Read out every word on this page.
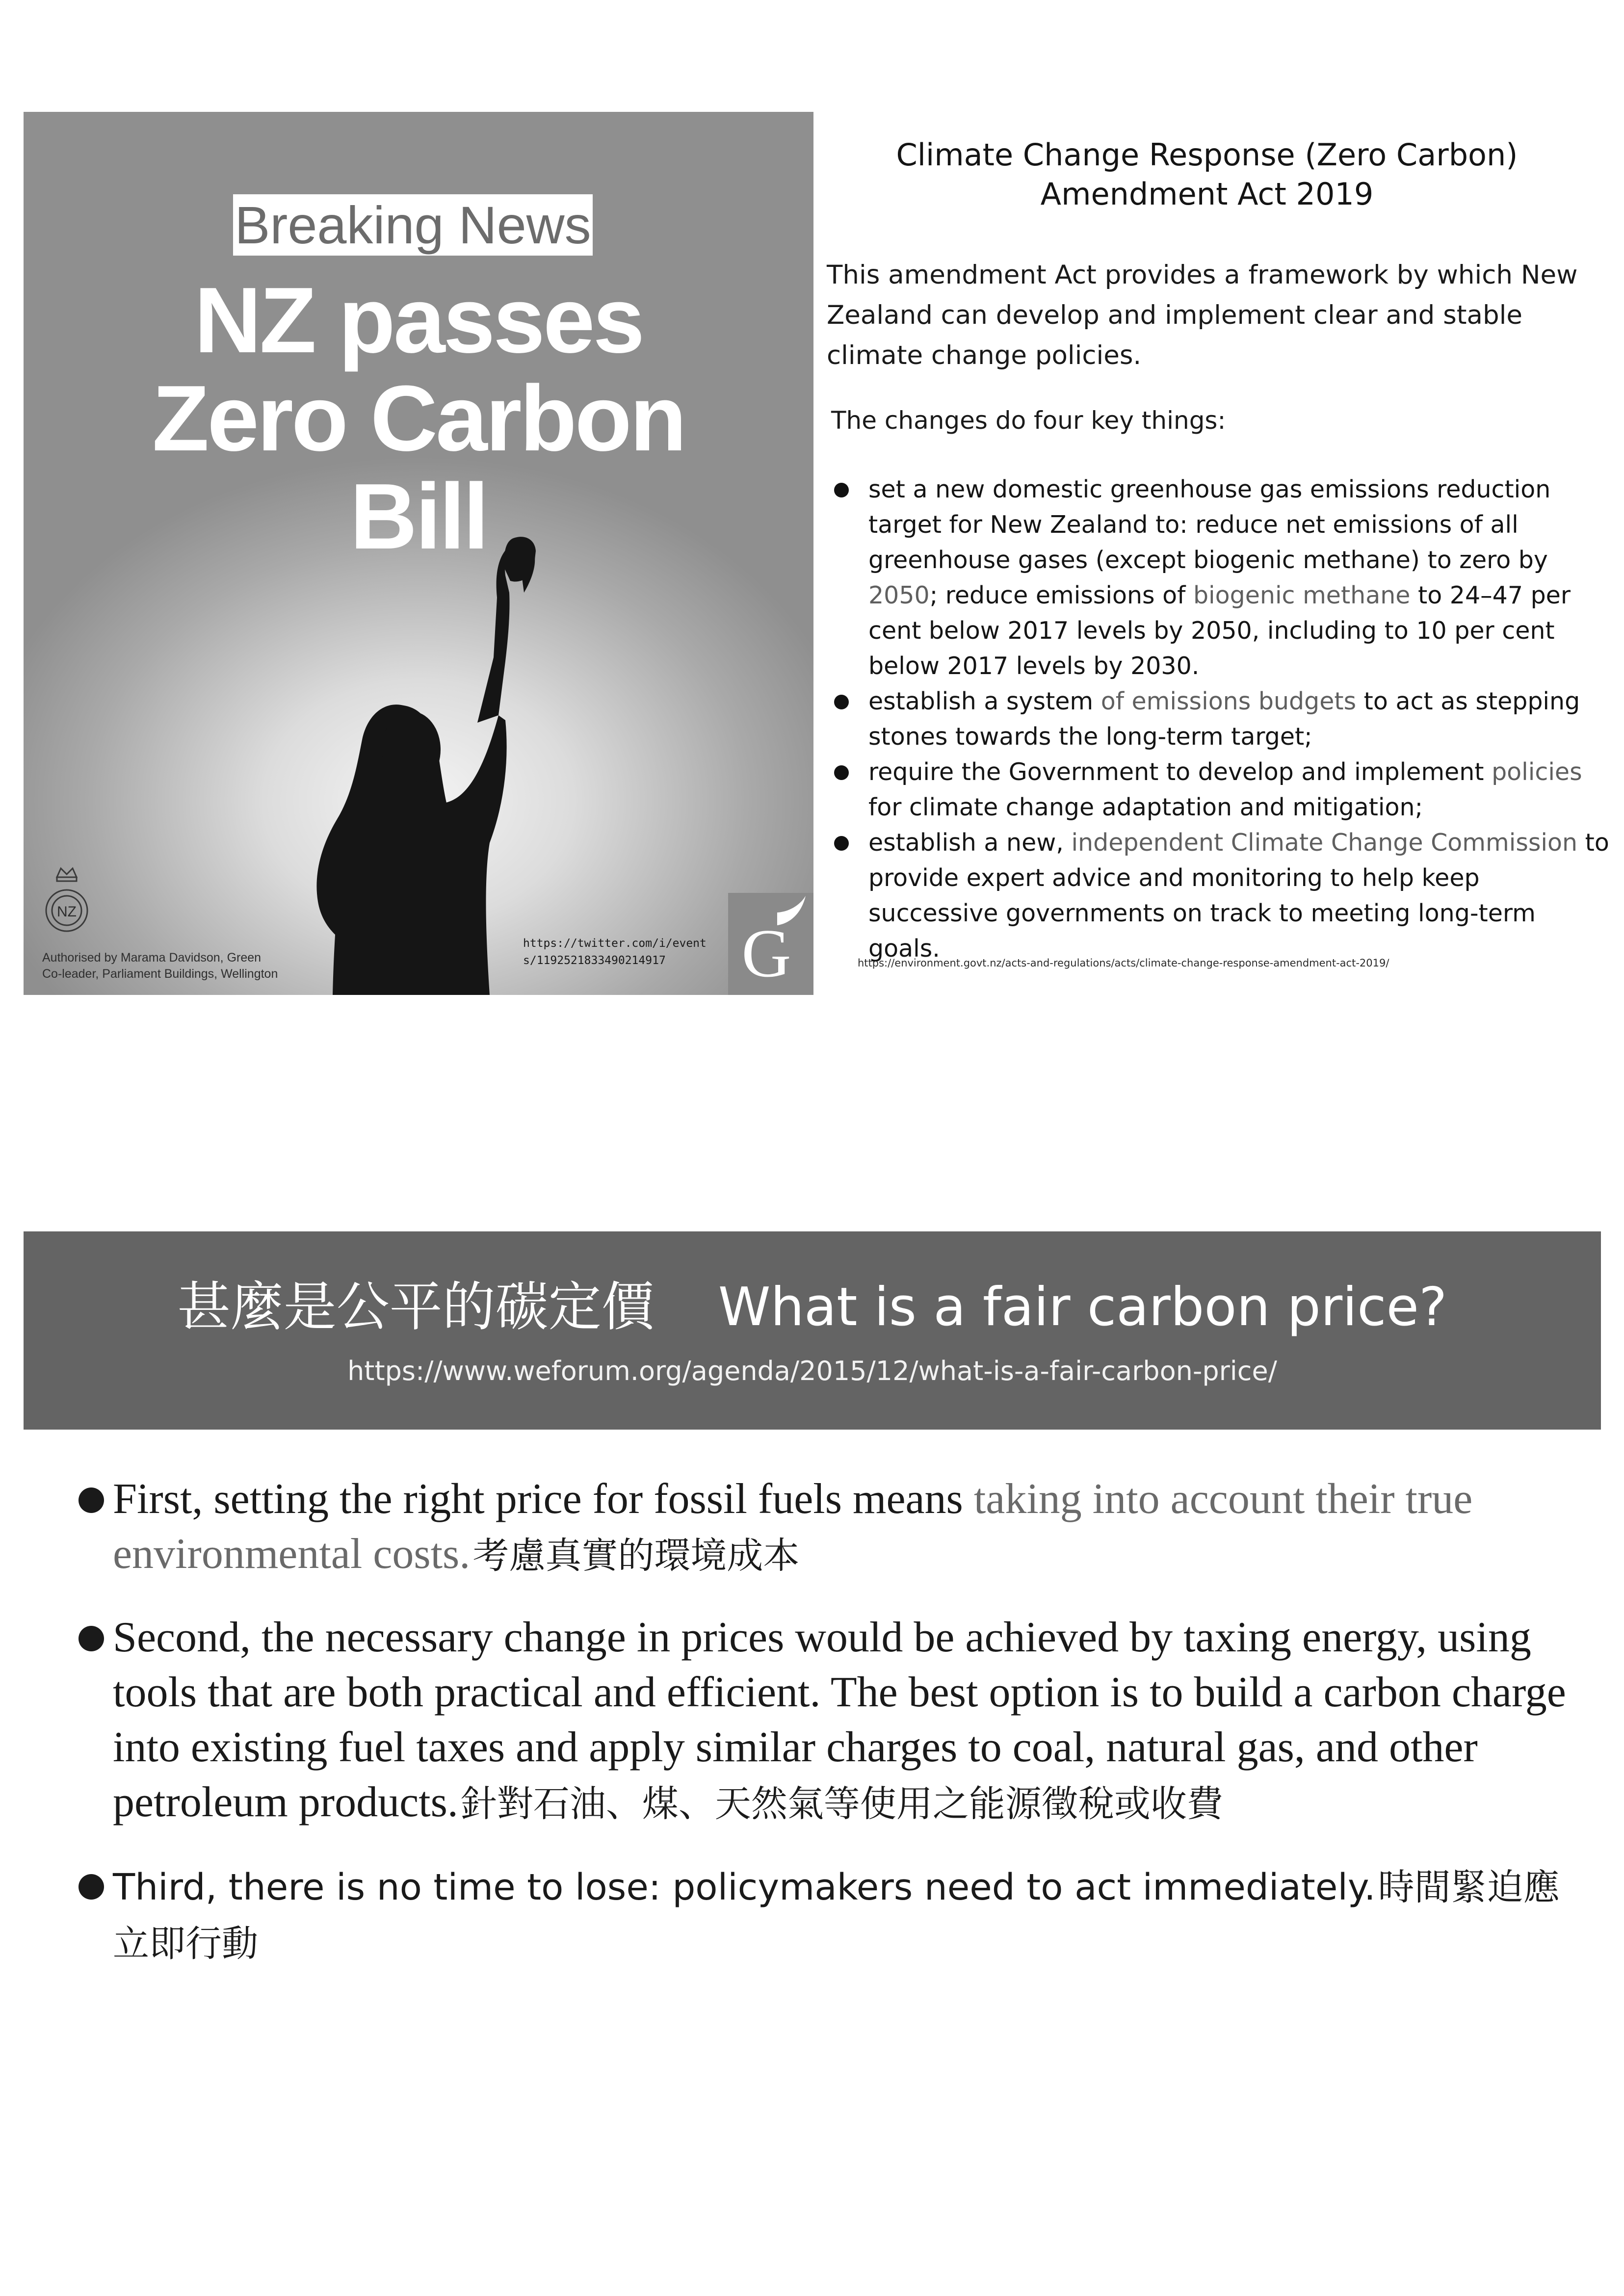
Breaking News
NZ passes
Zero Carbon
Bill
NZ
Authorised by Marama Davidson, Green
Co-leader, Parliament Buildings, Wellington
https://twitter.com/i/event
s/1192521833490214917	G
Climate Change Response (Zero Carbon)
Amendment Act 2019
This amendment Act provides a framework by which New Zealand can develop and implement clear and stable climate change policies.
The changes do four key things:
set a new domestic greenhouse gas emissions reduction target for New Zealand to: reduce net emissions of all greenhouse gases (except biogenic methane) to zero by 2050; reduce emissions of biogenic methane to 24–47 per cent below 2017 levels by 2050, including to 10 per cent below 2017 levels by 2030.
establish a system of emissions budgets to act as stepping stones towards the long-term target;
require the Government to develop and implement policies for climate change adaptation and mitigation;
establish a new, independent Climate Change Commission to provide expert advice and monitoring to help keep successive governments on track to meeting long-term goals.
https://environment.govt.nz/acts-and-regulations/acts/climate-change-response-amendment-act-2019/
甚麼是公平的碳定價 What is a fair carbon price?
https://www.weforum.org/agenda/2015/12/what-is-a-fair-carbon-price/
First, setting the right price for fossil fuels means taking into account their true environmental costs. 考慮真實的環境成本
Second, the necessary change in prices would be achieved by taxing energy, using tools that are both practical and efficient. The best option is to build a carbon charge into existing fuel taxes and apply similar charges to coal, natural gas, and other petroleum products. 針對石油、煤、天然氣等使用之能源徵稅或收費
Third, there is no time to lose: policymakers need to act immediately. 時間緊迫應立即行動
